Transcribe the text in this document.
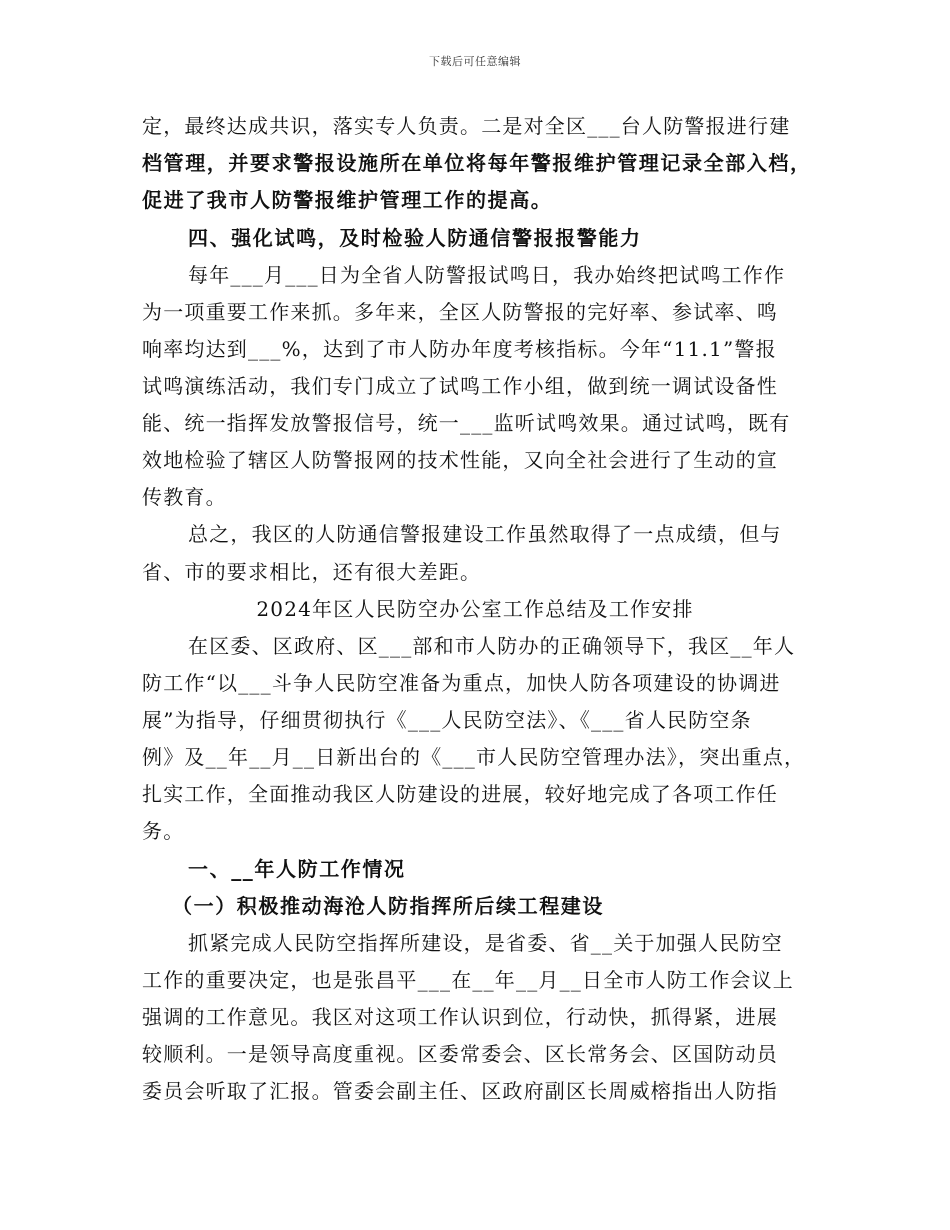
下载后可任意编辑
定，最终达成共识，落实专人负责。二是对全区___台人防警报进行建
档管理，并要求警报设施所在单位将每年警报维护管理记录全部入档，
促进了我市人防警报维护管理工作的提高。
四、强化试鸣，及时检验人防通信警报报警能力
每年___月___日为全省人防警报试鸣日，我办始终把试鸣工作作
为一项重要工作来抓。多年来，全区人防警报的完好率、参试率、鸣
响率均达到___%，达到了市人防办年度考核指标。今年“11.1”警报
试鸣演练活动，我们专门成立了试鸣工作小组，做到统一调试设备性
能、统一指挥发放警报信号，统一___监听试鸣效果。通过试鸣，既有
效地检验了辖区人防警报网的技术性能，又向全社会进行了生动的宣
传教育。
总之，我区的人防通信警报建设工作虽然取得了一点成绩，但与
省、市的要求相比，还有很大差距。
2024年区人民防空办公室工作总结及工作安排
在区委、区政府、区___部和市人防办的正确领导下，我区__年人
防工作“以___斗争人民防空准备为重点，加快人防各项建设的协调进
展”为指导，仔细贯彻执行《___人民防空法》、《___省人民防空条
例》及__年__月__日新出台的《___市人民防空管理办法》，突出重点，
扎实工作，全面推动我区人防建设的进展，较好地完成了各项工作任
务。
一、__年人防工作情况
（一）积极推动海沧人防指挥所后续工程建设
抓紧完成人民防空指挥所建设，是省委、省__关于加强人民防空
工作的重要决定，也是张昌平___在__年__月__日全市人防工作会议上
强调的工作意见。我区对这项工作认识到位，行动快，抓得紧，进展
较顺利。一是领导高度重视。区委常委会、区长常务会、区国防动员
委员会听取了汇报。管委会副主任、区政府副区长周威榕指出人防指
